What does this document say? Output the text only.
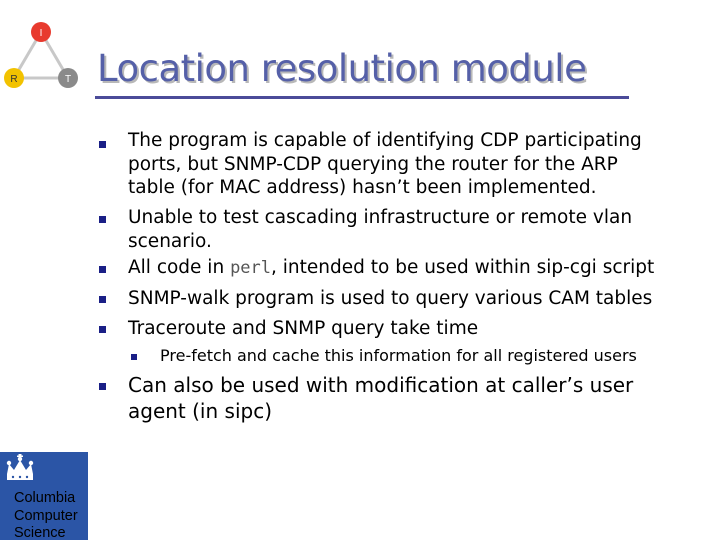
I
R	T Location resolution module
The program is capable of identifying CDP participating
ports, but SNMP-CDP querying the router for the ARP
table (for MAC address) hasn’t been implemented.
Unable to test cascading infrastructure or remote vlan
scenario.
All code in perl, intended to be used within sip-cgi script
SNMP-walk program is used to query various CAM tables
Traceroute and SNMP query take time
Pre-fetch and cache this information for all registered users
Can also be used with modification at caller’s user
agent (in sipc)
Columbia
Computer
Science
